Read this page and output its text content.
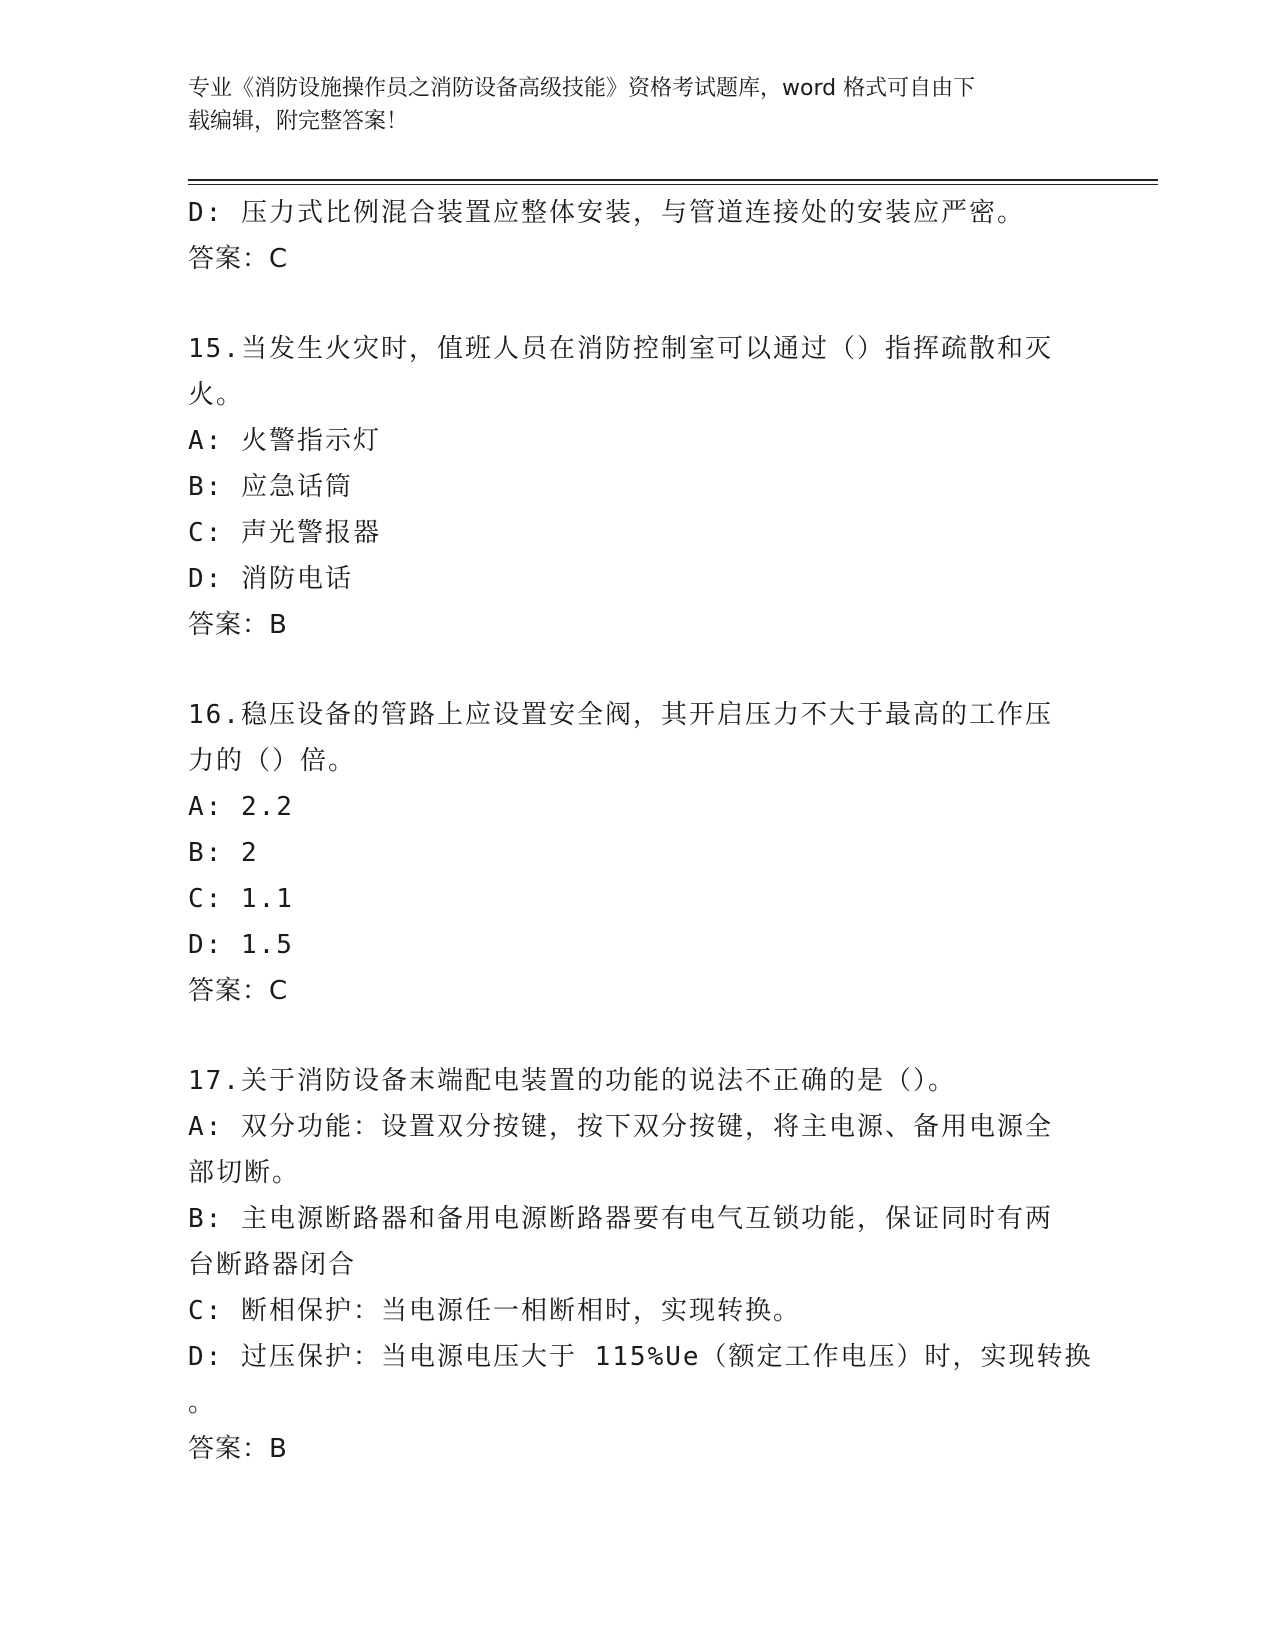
专业《消防设施操作员之消防设备高级技能》资格考试题库，word 格式可自由下
载编辑，附完整答案！
D: 压力式比例混合装置应整体安装，与管道连接处的安装应严密。
答案：C
15.当发生火灾时，值班人员在消防控制室可以通过（）指挥疏散和灭
火。
A: 火警指示灯
B: 应急话筒
C: 声光警报器
D: 消防电话
答案：B
16.稳压设备的管路上应设置安全阀，其开启压力不大于最高的工作压
力的（）倍。
A: 2.2
B: 2
C: 1.1
D: 1.5
答案：C
17.关于消防设备末端配电装置的功能的说法不正确的是（）。
A: 双分功能：设置双分按键，按下双分按键，将主电源、备用电源全
部切断。
B: 主电源断路器和备用电源断路器要有电气互锁功能，保证同时有两
台断路器闭合
C: 断相保护：当电源任一相断相时，实现转换。
D: 过压保护：当电源电压大于 115%Ue（额定工作电压）时，实现转换
。
答案：B
